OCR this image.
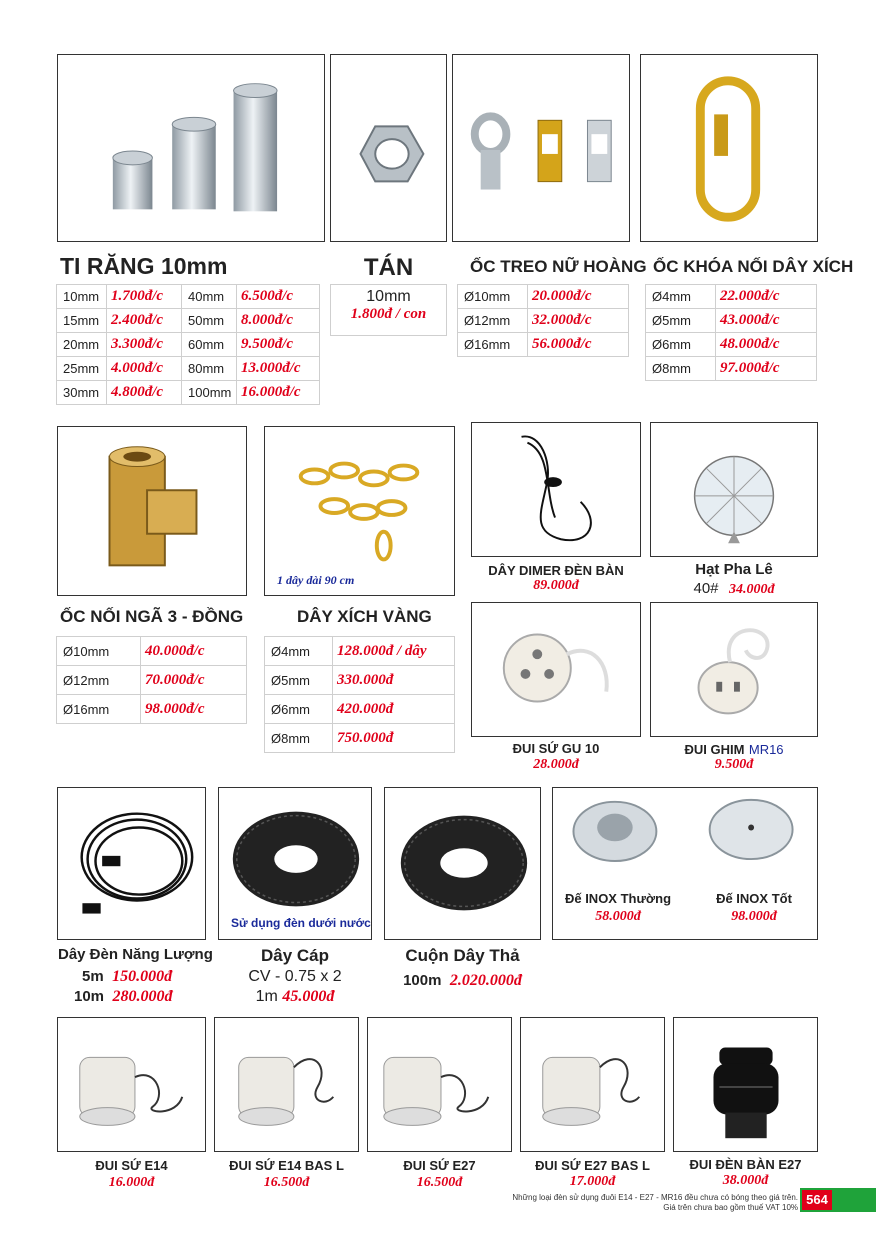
TI RĂNG 10mm
10mm	1.700đ/c	40mm	6.500đ/c
15mm	2.400đ/c	50mm	8.000đ/c
20mm	3.300đ/c	60mm	9.500đ/c
25mm	4.000đ/c	80mm	13.000đ/c
30mm	4.800đ/c	100mm	16.000đ/c
TÁN
10mm
1.800đ / con
ỐC TREO NỮ HOÀNG
Ø10mm	20.000đ/c
Ø12mm	32.000đ/c
Ø16mm	56.000đ/c
ỐC KHÓA NỐI DÂY XÍCH
Ø4mm	22.000đ/c
Ø5mm	43.000đ/c
Ø6mm	48.000đ/c
Ø8mm	97.000đ/c
1 dây dài 90 cm
ỐC NỐI NGÃ 3 - ĐỒNG
Ø10mm	40.000đ/c
Ø12mm	70.000đ/c
Ø16mm	98.000đ/c
DÂY XÍCH VÀNG
Ø4mm	128.000đ / dây
Ø5mm	330.000đ
Ø6mm	420.000đ
Ø8mm	750.000đ
DÂY DIMER ĐÈN BÀN
89.000đ
Hạt Pha Lê
40# 34.000đ
ĐUI SỨ GU 10
28.000đ
ĐUI GHIM MR16
9.500đ
Sử dụng đèn dưới nước
Đế INOX Thường
58.000đ
Đế INOX Tốt
98.000đ
Dây Đèn Năng Lượng
5m 150.000đ
10m 280.000đ
Dây Cáp
CV - 0.75 x 2
1m 45.000đ
Cuộn Dây Thả
100m 2.020.000đ
ĐUI SỨ E14
16.000đ
ĐUI SỨ E14 BAS L
16.500đ
ĐUI SỨ E27
16.500đ
ĐUI SỨ E27 BAS L
17.000đ
ĐUI ĐÈN BÀN E27
38.000đ
Những loại đèn sử dụng đuôi E14 - E27 - MR16 đều chưa có bóng theo giá trên.
Giá trên chưa bao gồm thuế VAT 10%
564
